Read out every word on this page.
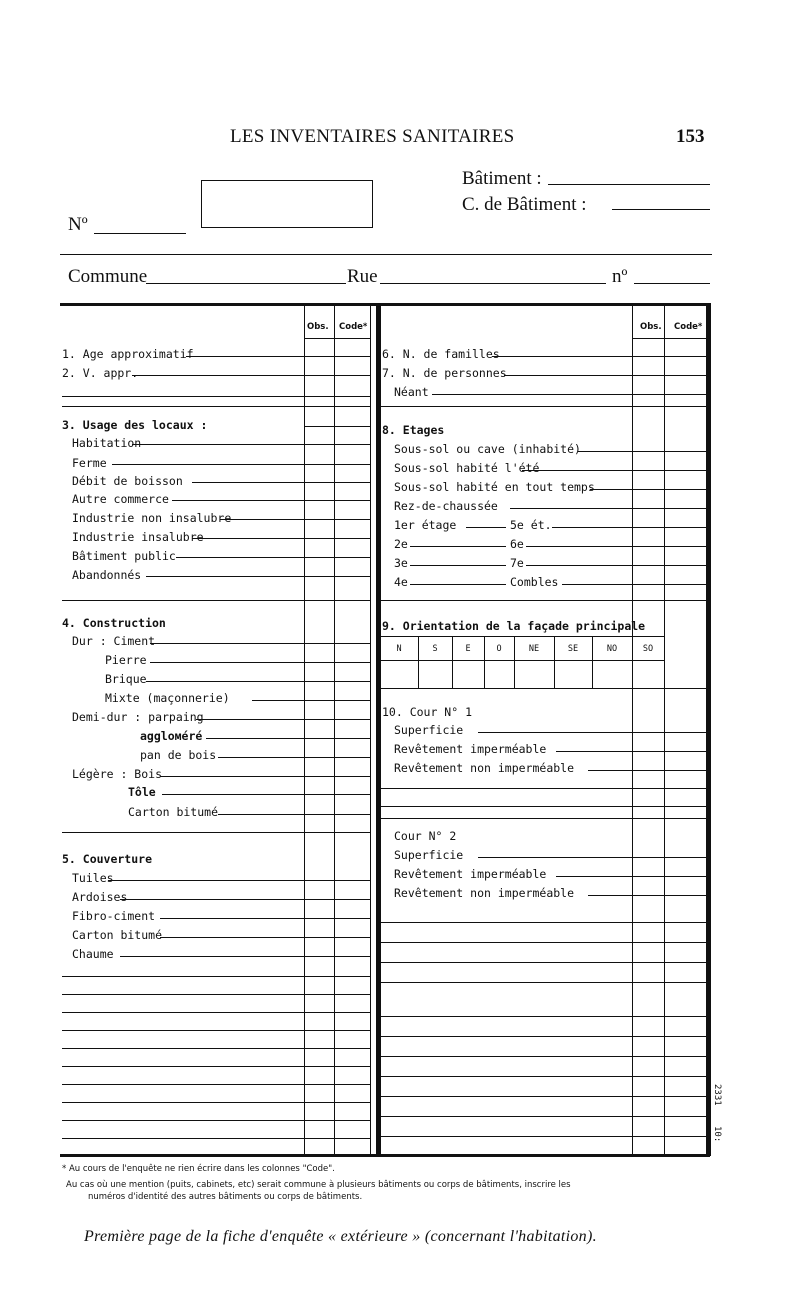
LES INVENTAIRES SANITAIRES	153
Nº
Bâtiment :
C. de Bâtiment :
Commune	Rue	nº
Obs. Code*	Obs. Code*
1. Age approximatif
2. V. appr.
3. Usage des locaux :
Habitation
Ferme
Débit de boisson
Autre commerce
Industrie non insalubre
Industrie insalubre
Bâtiment public
Abandonnés
4. Construction
Dur : Ciment
Pierre
Brique
Mixte (maçonnerie)
Demi-dur : parpaing
aggloмéré
pan de bois
Légère : Bois
Tôle
Carton bitumé
5. Couverture
Tuiles
Ardoises
Fibro-ciment
Carton bitumé
Chaume
6. N. de familles
7. N. de personnes
Néant
8. Etages
Sous-sol ou cave (inhabité)
Sous-sol habité l'été
Sous-sol habité en tout temps
Rez-de-chaussée
1er étage	5e ét.
2e	6e
3e	7e
4e	Combles
9. Orientation de la façade principale
N	S	E	O	NE	SE	NO	SO
10. Cour N° 1
Superficie
Revêtement imperméable
Revêtement non imperméable
Cour N° 2
Superficie
Revêtement imperméable
Revêtement non imperméable
2331
10:
* Au cours de l'enquête ne rien écrire dans les colonnes "Code".
Au cas où une mention (puits, cabinets, etc) serait commune à plusieurs bâtiments ou corps de bâtiments, inscrire les
numéros d'identité des autres bâtiments ou corps de bâtiments.
Première page de la fiche d'enquête « extérieure » (concernant l'habitation).
